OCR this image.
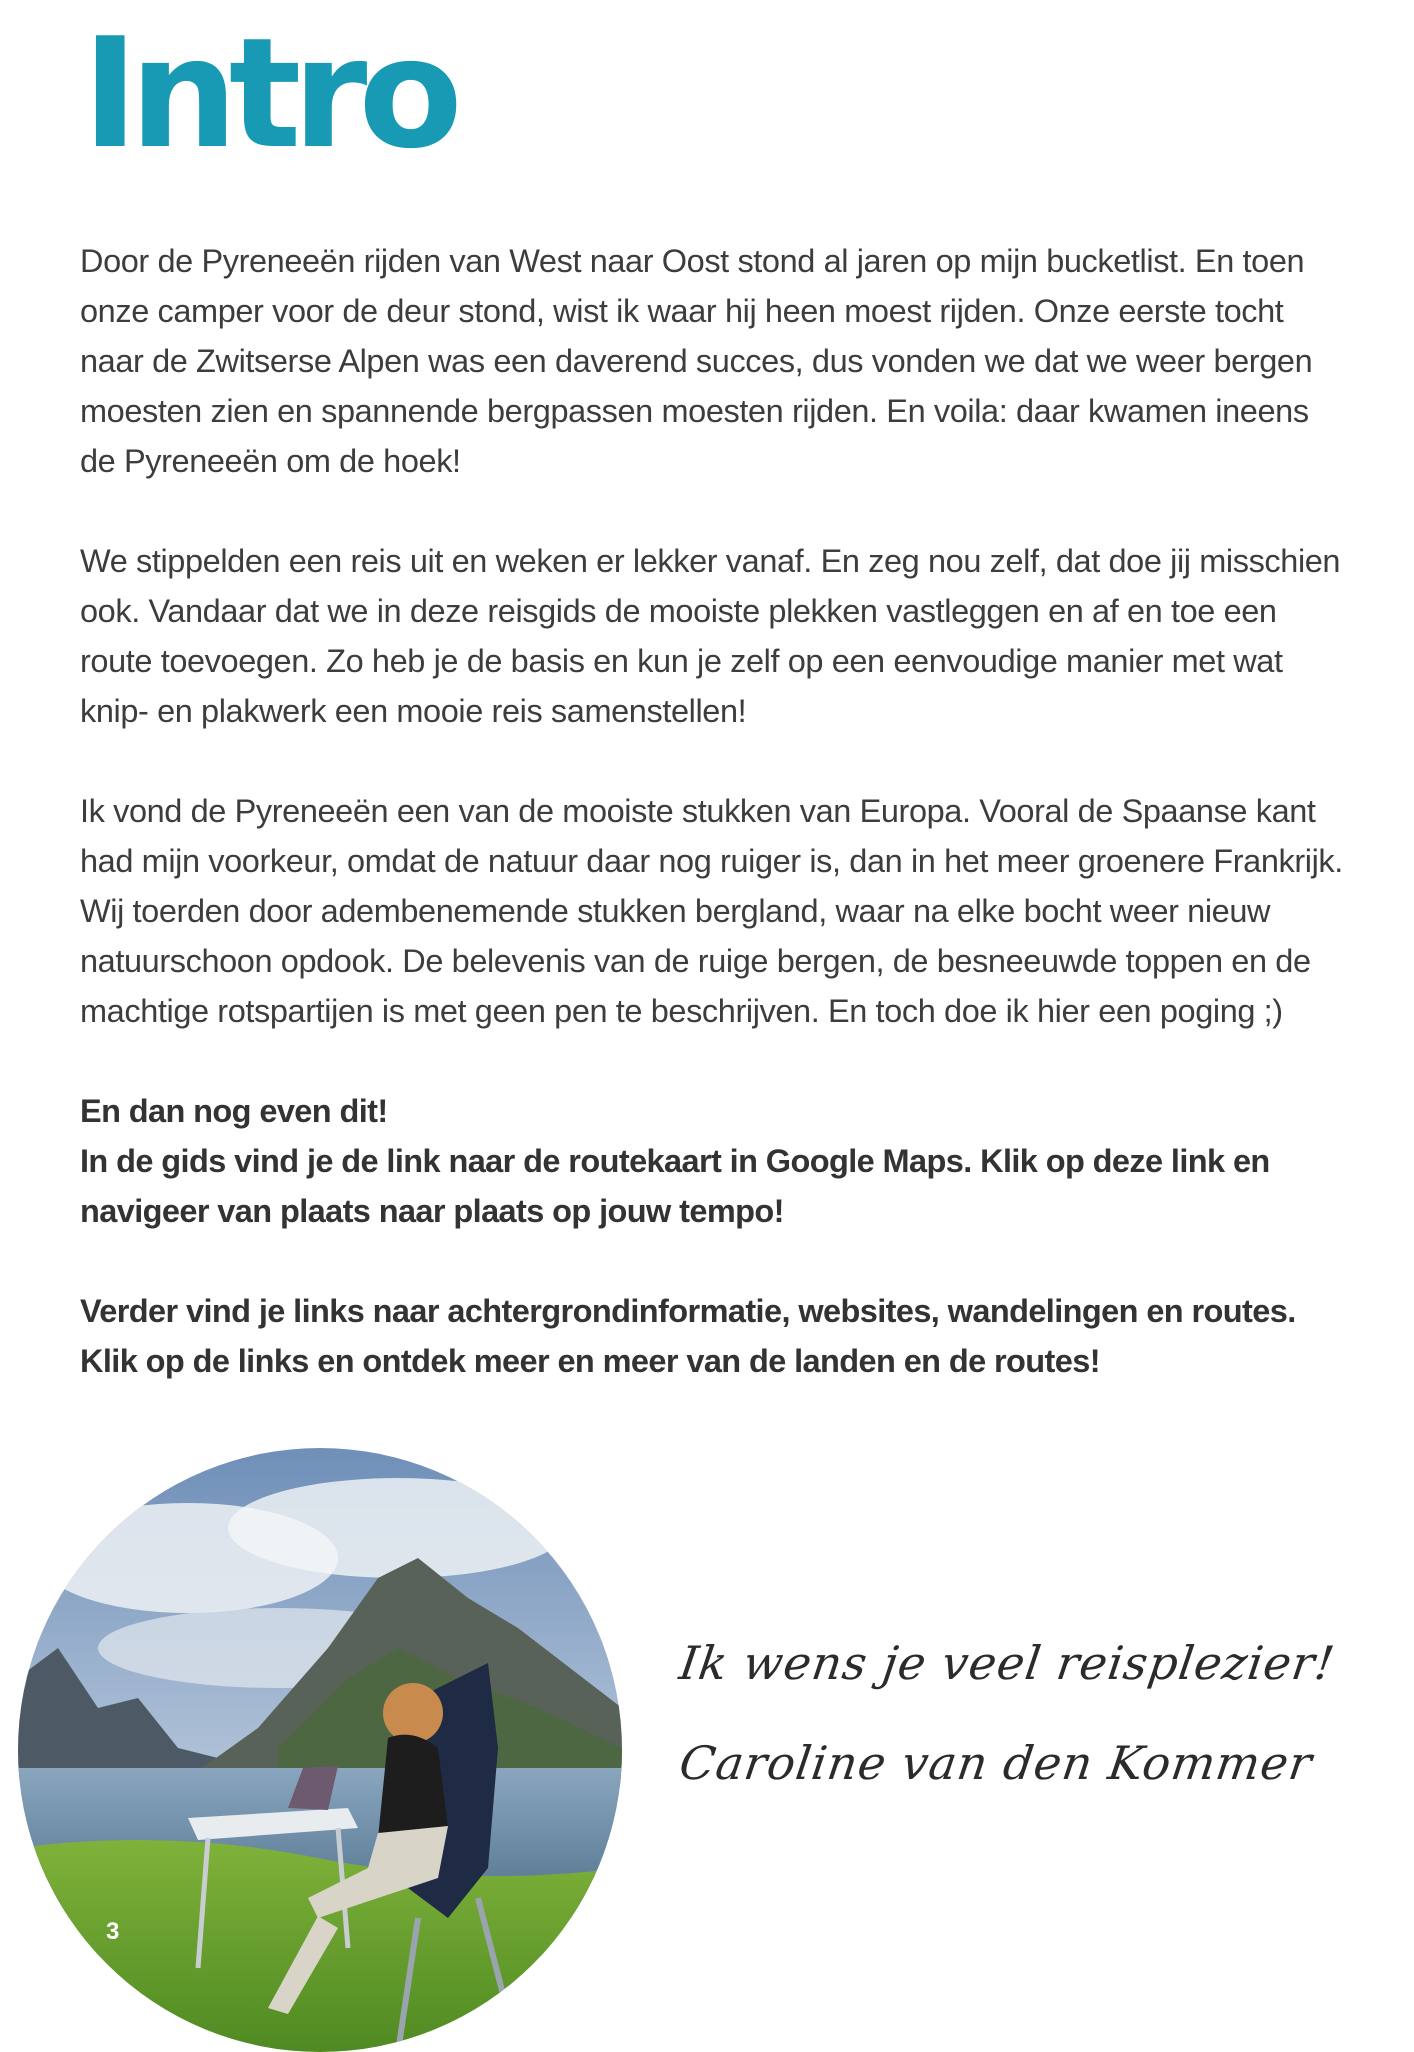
Intro

Door de Pyreneeën rijden van West naar Oost stond al jaren op mijn bucketlist. En toen onze camper voor de deur stond, wist ik waar hij heen moest rijden. Onze eerste tocht naar de Zwitserse Alpen was een daverend succes, dus vonden we dat we weer bergen moesten zien en spannende bergpassen moesten rijden. En voila: daar kwamen ineens de Pyreneeën om de hoek!

We stippelden een reis uit en weken er lekker vanaf. En zeg nou zelf, dat doe jij misschien ook. Vandaar dat we in deze reisgids de mooiste plekken vastleggen en af en toe een route toevoegen. Zo heb je de basis en kun je zelf op een eenvoudige manier met wat knip- en plakwerk een mooie reis samenstellen!

Ik vond de Pyreneeën een van de mooiste stukken van Europa. Vooral de Spaanse kant had mijn voorkeur, omdat de natuur daar nog ruiger is, dan in het meer groenere Frankrijk. Wij toerden door adembenemende stukken bergland, waar na elke bocht weer nieuw natuurschoon opdook. De belevenis van de ruige bergen, de besneeuwde toppen en de machtige rotspartijen is met geen pen te beschrijven. En toch doe ik hier een poging ;)

En dan nog even dit!
In de gids vind je de link naar de routekaart in Google Maps. Klik op deze link en navigeer van plaats naar plaats op jouw tempo!

Verder vind je links naar achtergrondinformatie, websites, wandelingen en routes.
Klik op de links en ontdek meer en meer van de landen en de routes!

3
Ik wens je veel reisplezier!
Caroline van den Kommer
